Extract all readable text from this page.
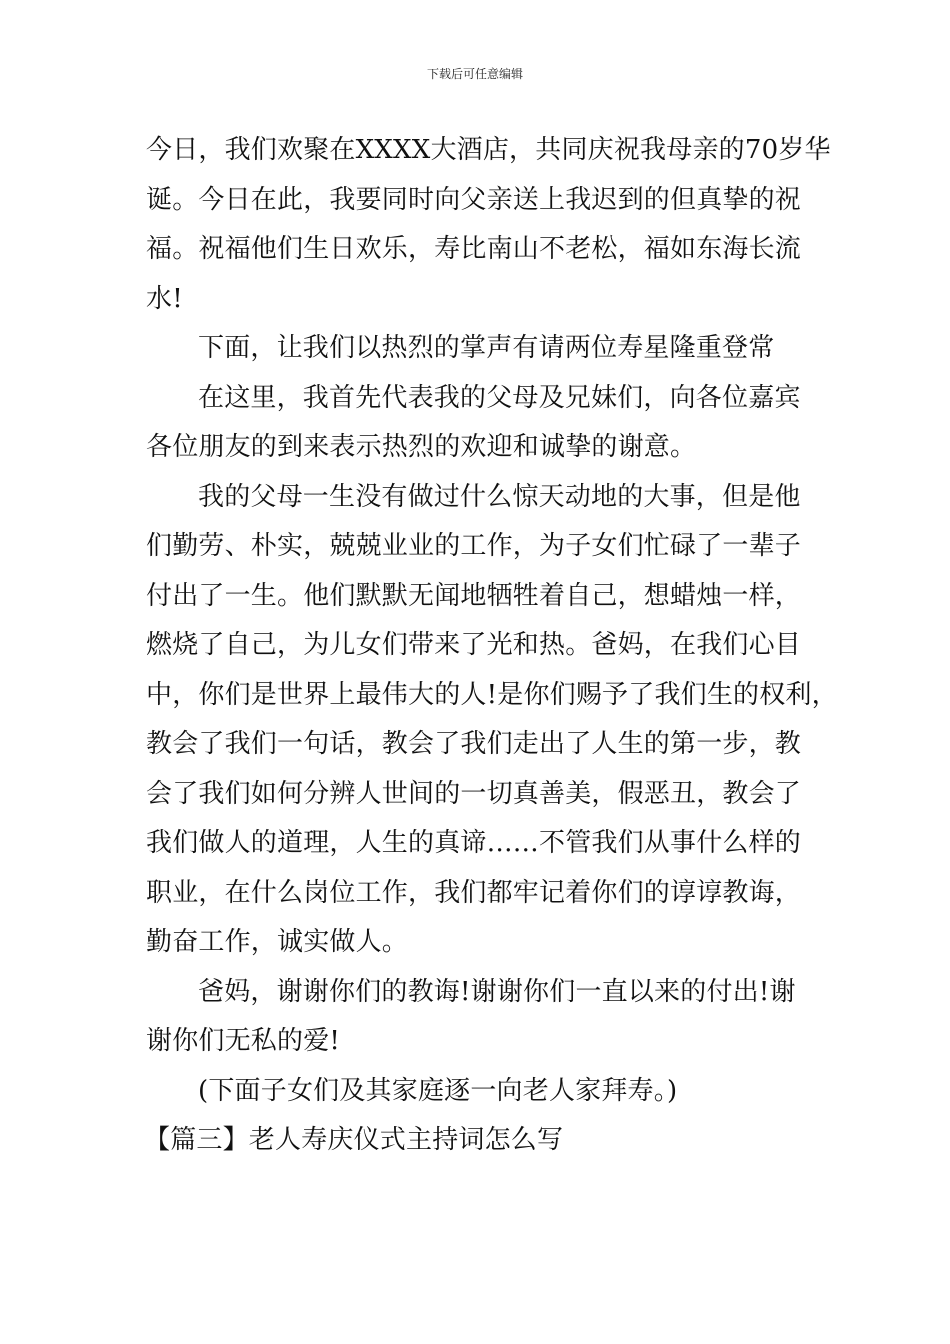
下载后可任意编辑
今日，我们欢聚在XXXX大酒店，共同庆祝我母亲的70岁华
诞。今日在此，我要同时向父亲送上我迟到的但真挚的祝
福。祝福他们生日欢乐，寿比南山不老松，福如东海长流
水!
下面，让我们以热烈的掌声有请两位寿星隆重登常
在这里，我首先代表我的父母及兄妹们，向各位嘉宾
各位朋友的到来表示热烈的欢迎和诚挚的谢意。
我的父母一生没有做过什么惊天动地的大事，但是他
们勤劳、朴实，兢兢业业的工作，为子女们忙碌了一辈子
付出了一生。他们默默无闻地牺牲着自己，想蜡烛一样，
燃烧了自己，为儿女们带来了光和热。爸妈，在我们心目
中，你们是世界上最伟大的人!是你们赐予了我们生的权利，
教会了我们一句话，教会了我们走出了人生的第一步，教
会了我们如何分辨人世间的一切真善美，假恶丑，教会了
我们做人的道理，人生的真谛……不管我们从事什么样的
职业，在什么岗位工作，我们都牢记着你们的谆谆教诲，
勤奋工作，诚实做人。
爸妈，谢谢你们的教诲!谢谢你们一直以来的付出!谢
谢你们无私的爱!
(下面子女们及其家庭逐一向老人家拜寿。)
【篇三】老人寿庆仪式主持词怎么写
